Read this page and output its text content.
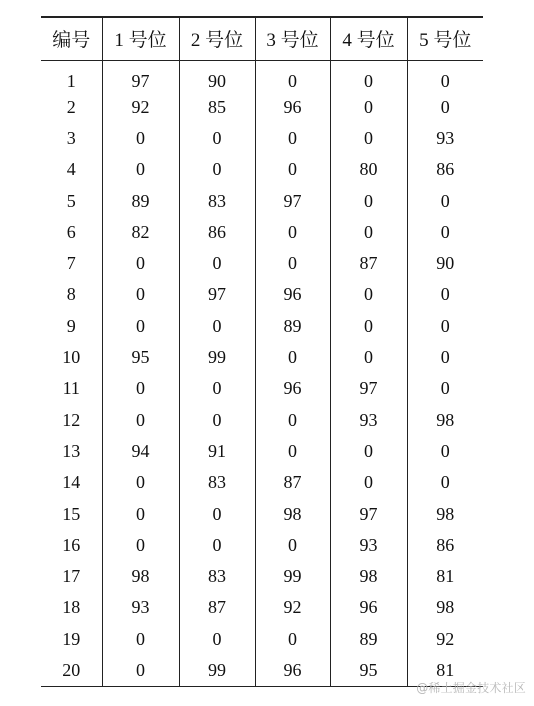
编号	1 号位	2 号位	3 号位	4 号位	5 号位
1	97	90	0	0	0
2	92	85	96	0	0
3	0	0	0	0	93
4	0	0	0	80	86
5	89	83	97	0	0
6	82	86	0	0	0
7	0	0	0	87	90
8	0	97	96	0	0
9	0	0	89	0	0
10	95	99	0	0	0
11	0	0	96	97	0
12	0	0	0	93	98
13	94	91	0	0	0
14	0	83	87	0	0
15	0	0	98	97	98
16	0	0	0	93	86
17	98	83	99	98	81
18	93	87	92	96	98
19	0	0	0	89	92
20	0	99	96	95	81
@稀土掘金技术社区
